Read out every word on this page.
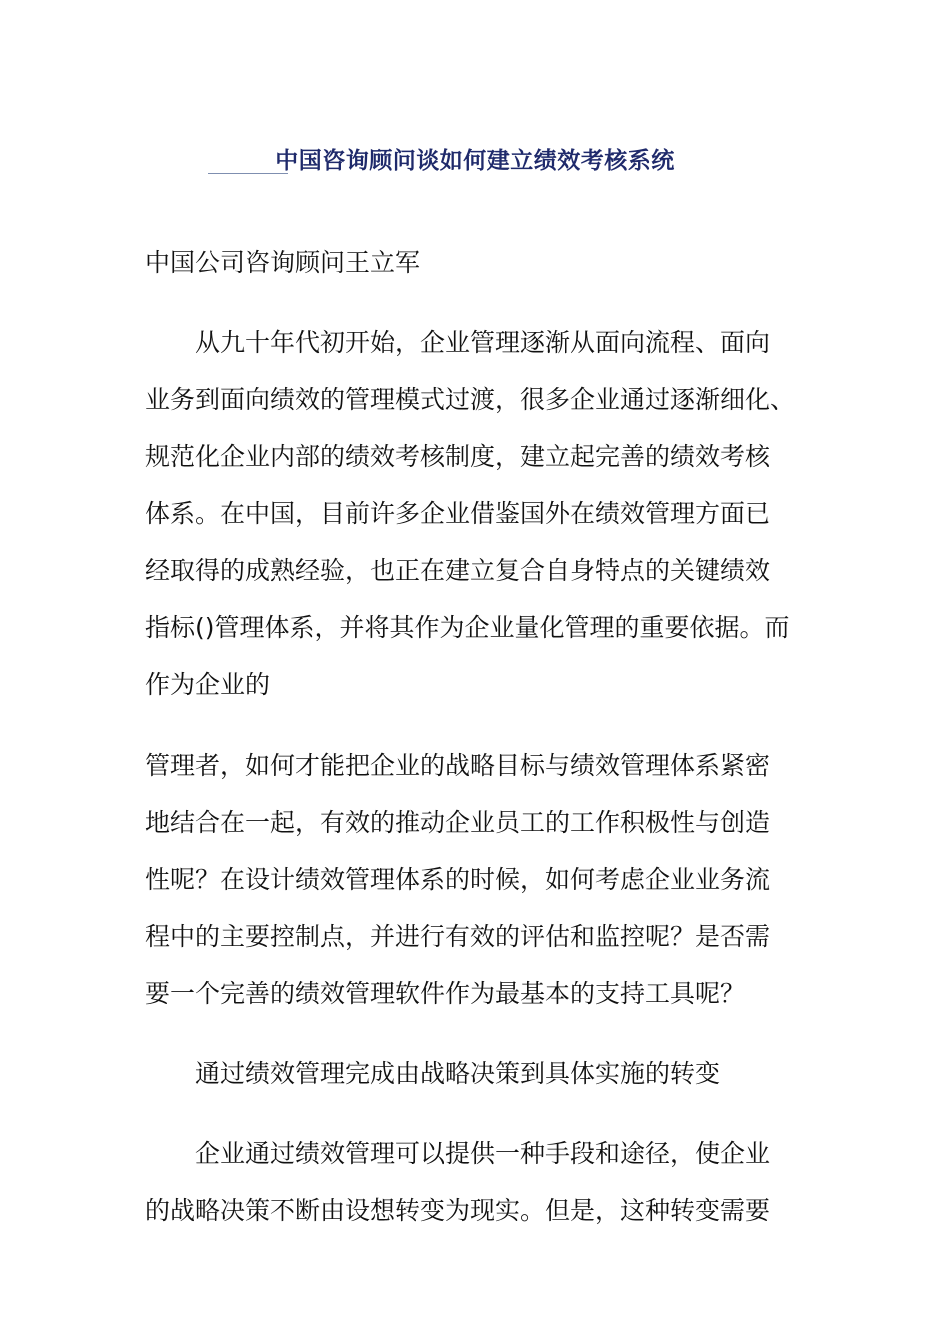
中国咨询顾问谈如何建立绩效考核系统
中国公司咨询顾问王立军
从九十年代初开始，企业管理逐渐从面向流程、面向
业务到面向绩效的管理模式过渡，很多企业通过逐渐细化、
规范化企业内部的绩效考核制度，建立起完善的绩效考核
体系。在中国，目前许多企业借鉴国外在绩效管理方面已
经取得的成熟经验，也正在建立复合自身特点的关键绩效
指标()管理体系，并将其作为企业量化管理的重要依据。而
作为企业的
管理者，如何才能把企业的战略目标与绩效管理体系紧密
地结合在一起，有效的推动企业员工的工作积极性与创造
性呢？在设计绩效管理体系的时候，如何考虑企业业务流
程中的主要控制点，并进行有效的评估和监控呢？是否需
要一个完善的绩效管理软件作为最基本的支持工具呢？
通过绩效管理完成由战略决策到具体实施的转变
企业通过绩效管理可以提供一种手段和途径，使企业
的战略决策不断由设想转变为现实。但是，这种转变需要
